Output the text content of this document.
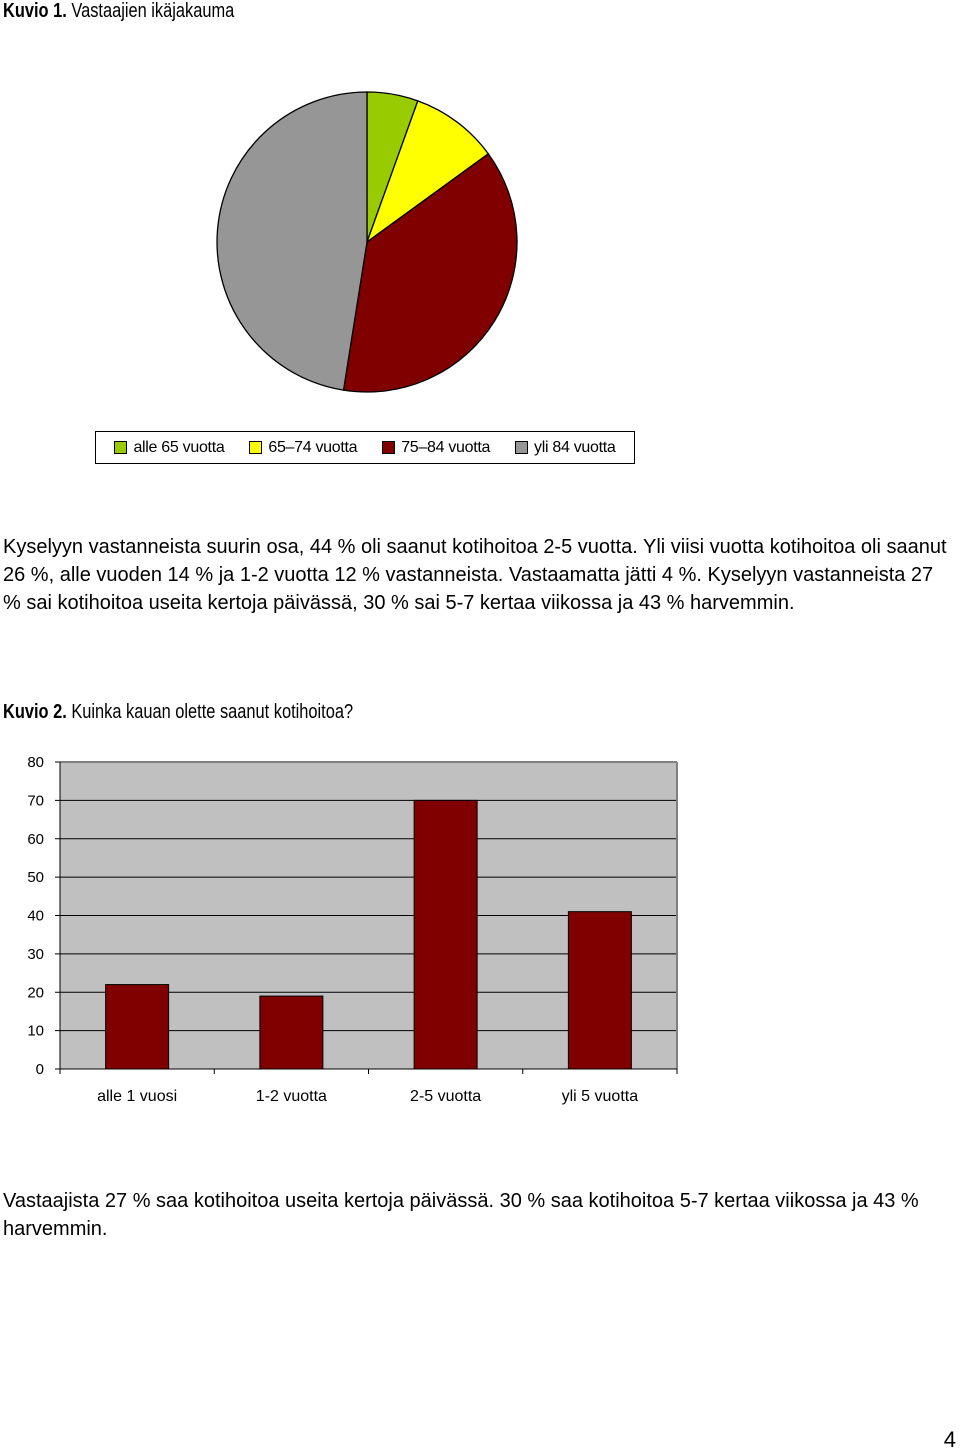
Kuvio 1. Vastaajien ikäjakauma
alle 65 vuotta	65–74 vuotta	75–84 vuotta	yli 84 vuotta

Kyselyyn vastanneista suurin osa, 44 % oli saanut kotihoitoa 2-5 vuotta. Yli viisi vuotta kotihoitoa oli saanut 26 %, alle vuoden 14 % ja 1-2 vuotta 12 % vastanneista. Vastaamatta jätti 4 %. Kyselyyn vastanneista 27 % sai kotihoitoa useita kertoja päivässä, 30 % sai 5-7 kertaa viikossa ja 43 % harvemmin.

Kuvio 2. Kuinka kauan olette saanut kotihoitoa?
0
10
20
30
40
50
60
70
80
alle 1 vuosi	1-2 vuotta	2-5 vuotta	yli 5 vuotta

Vastaajista 27 % saa kotihoitoa useita kertoja päivässä. 30 % saa kotihoitoa 5-7 kertaa viikossa ja 43 % harvemmin.

4
